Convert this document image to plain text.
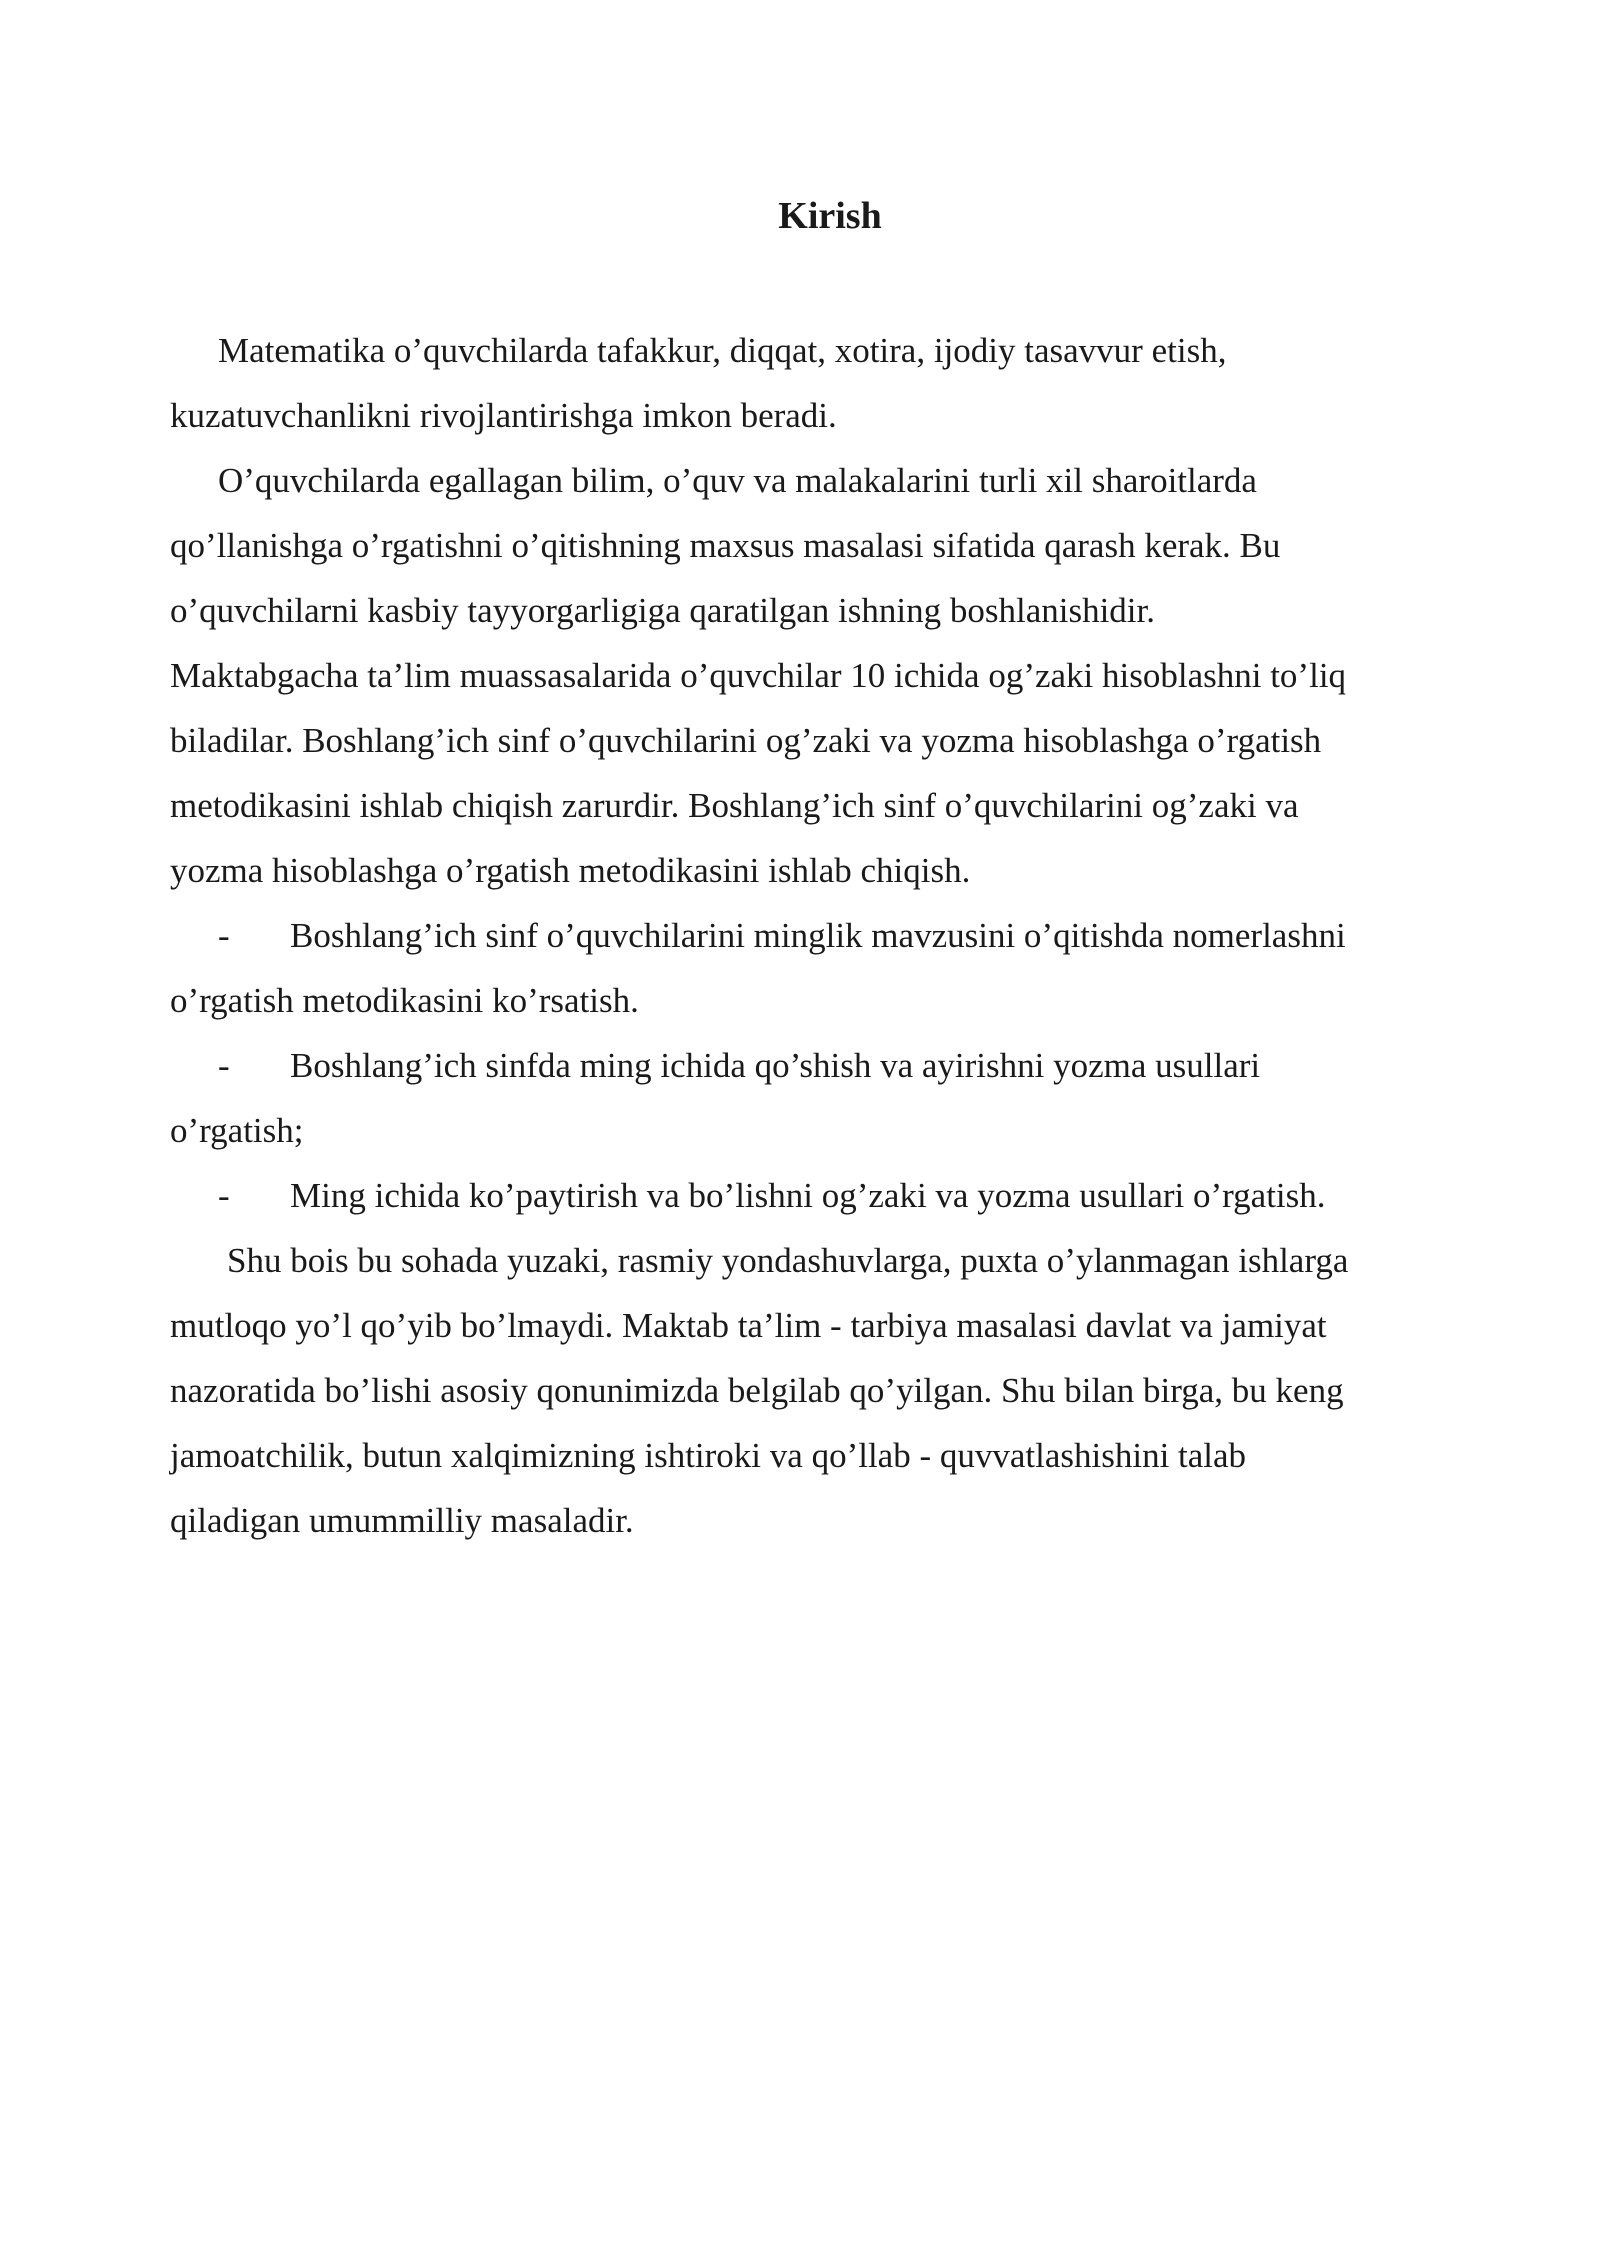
Kirish
Matematika o’quvchilarda tafakkur, diqqat, xotira, ijodiy tasavvur etish,
kuzatuvchanlikni rivojlantirishga imkon beradi.
O’quvchilarda egallagan bilim, o’quv va malakalarini turli xil sharoitlarda
qo’llanishga o’rgatishni o’qitishning maxsus masalasi sifatida qarash kerak. Bu
o’quvchilarni kasbiy tayyorgarligiga qaratilgan ishning boshlanishidir.
Maktabgacha ta’lim muassasalarida o’quvchilar 10 ichida og’zaki hisoblashni to’liq
biladilar. Boshlang’ich sinf o’quvchilarini og’zaki va yozma hisoblashga o’rgatish
metodikasini ishlab chiqish zarurdir. Boshlang’ich sinf o’quvchilarini og’zaki va
yozma hisoblashga o’rgatish metodikasini ishlab chiqish.
- Boshlang’ich sinf o’quvchilarini minglik mavzusini o’qitishda nomerlashni
o’rgatish metodikasini ko’rsatish.
- Boshlang’ich sinfda ming ichida qo’shish va ayirishni yozma usullari
o’rgatish;
- Ming ichida ko’paytirish va bo’lishni og’zaki va yozma usullari o’rgatish.
Shu bois bu sohada yuzaki, rasmiy yondashuvlarga, puxta o’ylanmagan ishlarga
mutloqo yo’l qo’yib bo’lmaydi. Maktab ta’lim - tarbiya masalasi davlat va jamiyat
nazoratida bo’lishi asosiy qonunimizda belgilab qo’yilgan. Shu bilan birga, bu keng
jamoatchilik, butun xalqimizning ishtiroki va qo’llab - quvvatlashishini talab
qiladigan umummilliy masaladir.
